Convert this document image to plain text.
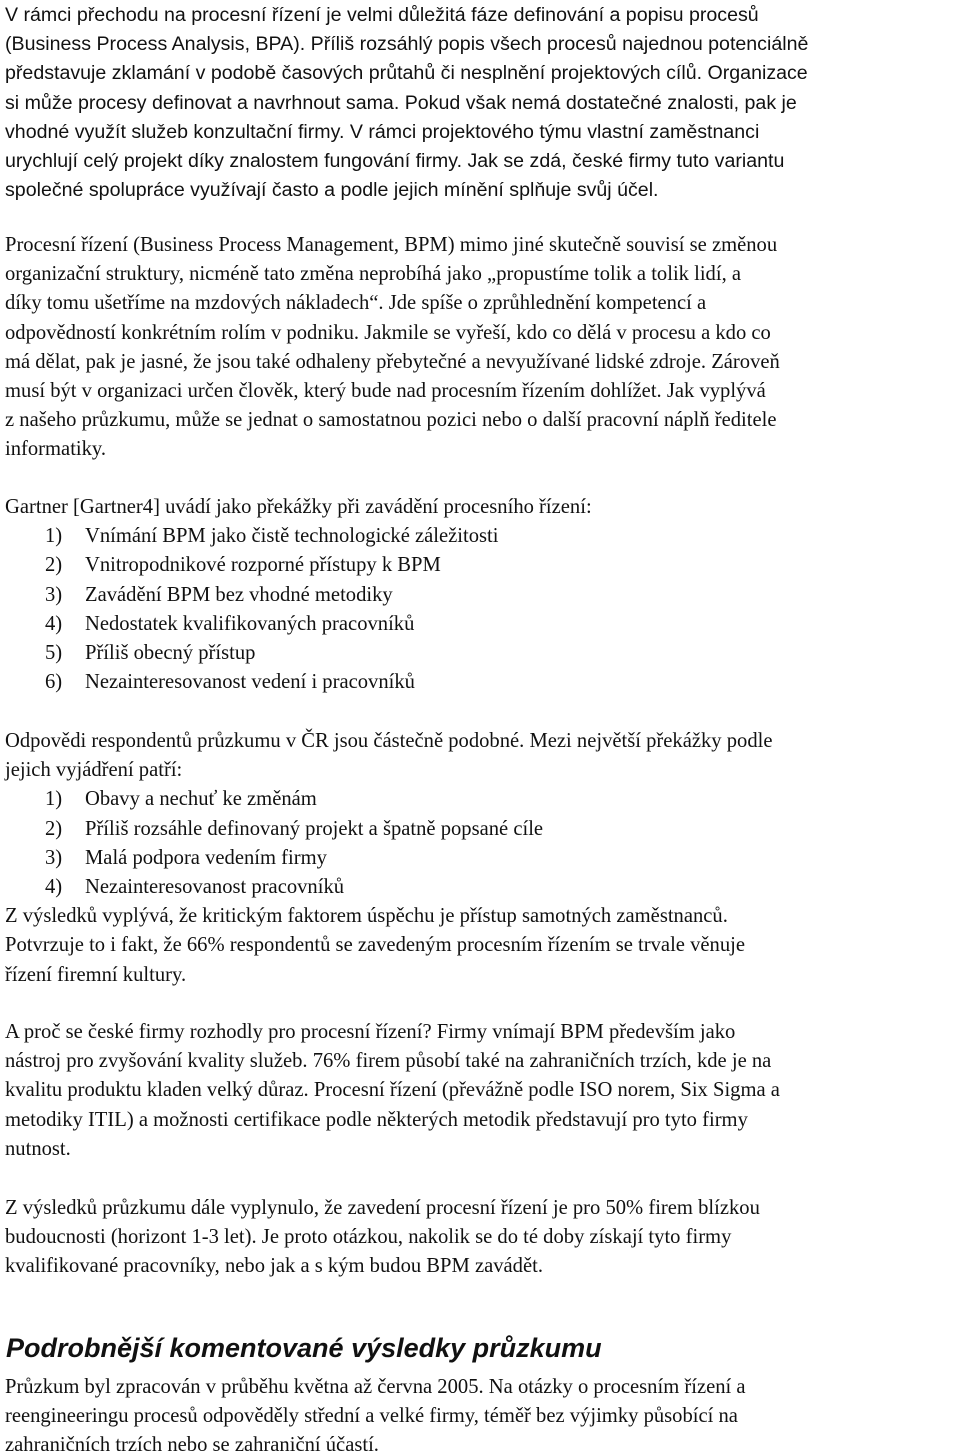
V rámci přechodu na procesní řízení je velmi důležitá fáze definování a popisu procesů
(Business Process Analysis, BPA). Příliš rozsáhlý popis všech procesů najednou potenciálně
představuje zklamání v podobě časových průtahů či nesplnění projektových cílů. Organizace
si může procesy definovat a navrhnout sama. Pokud však nemá dostatečné znalosti, pak je
vhodné využít služeb konzultační firmy. V rámci projektového týmu vlastní zaměstnanci
urychlují celý projekt díky znalostem fungování firmy. Jak se zdá, české firmy tuto variantu
společné spolupráce využívají často a podle jejich mínění splňuje svůj účel.
Procesní řízení (Business Process Management, BPM) mimo jiné skutečně souvisí se změnou
organizační struktury, nicméně tato změna neprobíhá jako „propustíme tolik a tolik lidí, a
díky tomu ušetříme na mzdových nákladech“. Jde spíše o zprůhlednění kompetencí a
odpovědností konkrétním rolím v podniku. Jakmile se vyřeší, kdo co dělá v procesu a kdo co
má dělat, pak je jasné, že jsou také odhaleny přebytečné a nevyužívané lidské zdroje. Zároveň
musí být v organizaci určen člověk, který bude nad procesním řízením dohlížet. Jak vyplývá
z našeho průzkumu, může se jednat o samostatnou pozici nebo o další pracovní náplň ředitele
informatiky.
Gartner [Gartner4] uvádí jako překážky při zavádění procesního řízení:
1)	Vnímání BPM jako čistě technologické záležitosti
2)	Vnitropodnikové rozporné přístupy k BPM
3)	Zavádění BPM bez vhodné metodiky
4)	Nedostatek kvalifikovaných pracovníků
5)	Příliš obecný přístup
6)	Nezainteresovanost vedení i pracovníků
Odpovědi respondentů průzkumu v ČR jsou částečně podobné. Mezi největší překážky podle
jejich vyjádření patří:
1)	Obavy a nechuť ke změnám
2)	Příliš rozsáhle definovaný projekt a špatně popsané cíle
3)	Malá podpora vedením firmy
4)	Nezainteresovanost pracovníků
Z výsledků vyplývá, že kritickým faktorem úspěchu je přístup samotných zaměstnanců.
Potvrzuje to i fakt, že 66% respondentů se zavedeným procesním řízením se trvale věnuje
řízení firemní kultury.
A proč se české firmy rozhodly pro procesní řízení? Firmy vnímají BPM především jako
nástroj pro zvyšování kvality služeb. 76% firem působí také na zahraničních trzích, kde je na
kvalitu produktu kladen velký důraz. Procesní řízení (převážně podle ISO norem, Six Sigma a
metodiky ITIL) a možnosti certifikace podle některých metodik představují pro tyto firmy
nutnost.
Z výsledků průzkumu dále vyplynulo, že zavedení procesní řízení je pro 50% firem blízkou
budoucnosti (horizont 1-3 let). Je proto otázkou, nakolik se do té doby získají tyto firmy
kvalifikované pracovníky, nebo jak a s kým budou BPM zavádět.
Podrobnější komentované výsledky průzkumu
Průzkum byl zpracován v průběhu května až června 2005. Na otázky o procesním řízení a
reengineeringu procesů odpověděly střední a velké firmy, téměř bez výjimky působící na
zahraničních trzích nebo se zahraniční účastí.
